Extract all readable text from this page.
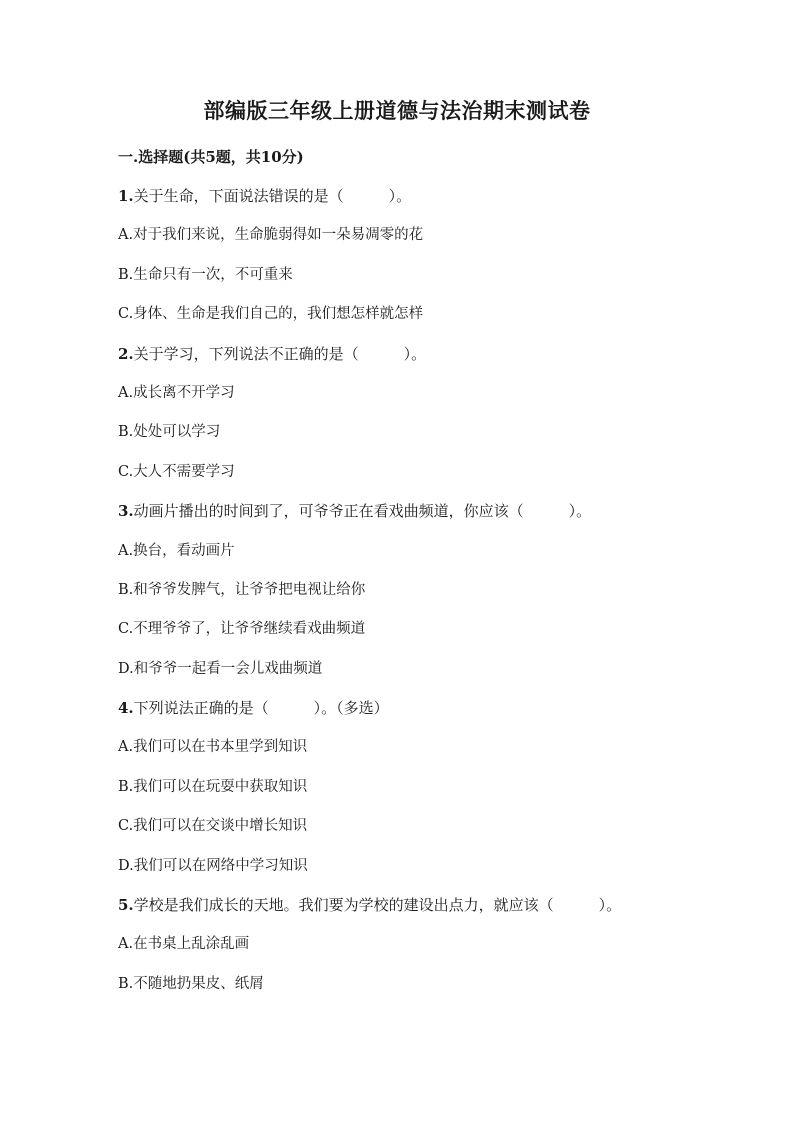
部编版三年级上册道德与法治期末测试卷
一.选择题(共5题，共10分)
1.关于生命，下面说法错误的是（　　　）。
A.对于我们来说，生命脆弱得如一朵易凋零的花
B.生命只有一次，不可重来
C.身体、生命是我们自己的，我们想怎样就怎样
2.关于学习，下列说法不正确的是（　　　）。
A.成长离不开学习
B.处处可以学习
C.大人不需要学习
3.动画片播出的时间到了，可爷爷正在看戏曲频道，你应该（　　　）。
A.换台，看动画片
B.和爷爷发脾气，让爷爷把电视让给你
C.不理爷爷了，让爷爷继续看戏曲频道
D.和爷爷一起看一会儿戏曲频道
4.下列说法正确的是（　　　）。（多选）
A.我们可以在书本里学到知识
B.我们可以在玩耍中获取知识
C.我们可以在交谈中增长知识
D.我们可以在网络中学习知识
5.学校是我们成长的天地。我们要为学校的建设出点力，就应该（　　　）。
A.在书桌上乱涂乱画
B.不随地扔果皮、纸屑
